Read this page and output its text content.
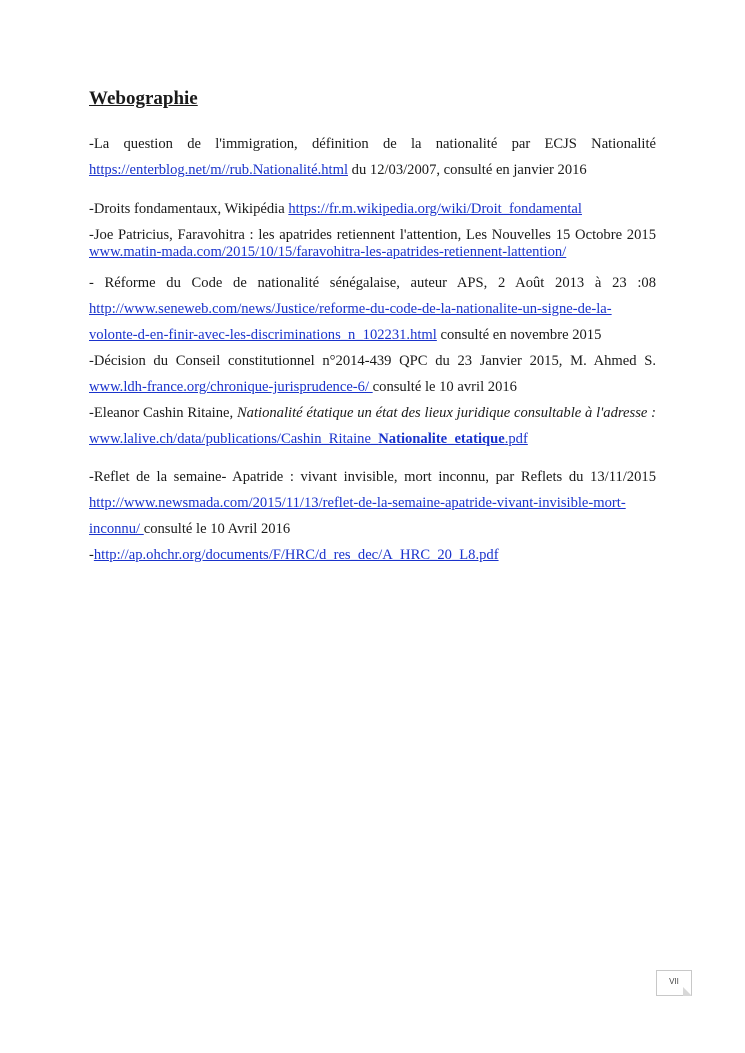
Webographie

-La question de l'immigration, définition de la nationalité par ECJS Nationalité https://enterblog.net/m//rub.Nationalité.html du 12/03/2007, consulté en janvier 2016

-Droits fondamentaux, Wikipédia https://fr.m.wikipedia.org/wiki/Droit_fondamental

-Joe Patricius, Faravohitra : les apatrides retiennent l'attention, Les Nouvelles 15 Octobre 2015 www.matin-mada.com/2015/10/15/faravohitra-les-apatrides-retiennent-lattention/

- Réforme du Code de nationalité sénégalaise, auteur APS, 2 Août 2013 à 23 :08 http://www.seneweb.com/news/Justice/reforme-du-code-de-la-nationalite-un-signe-de-la-volonte-d-en-finir-avec-les-discriminations_n_102231.html consulté en novembre 2015

-Décision du Conseil constitutionnel n°2014-439 QPC du 23 Janvier 2015, M. Ahmed S. www.ldh-france.org/chronique-jurisprudence-6/ consulté le 10 avril 2016

-Eleanor Cashin Ritaine, Nationalité étatique un état des lieux juridique consultable à l'adresse : www.lalive.ch/data/publications/Cashin_Ritaine_Nationalite_etatique.pdf

-Reflet de la semaine- Apatride : vivant invisible, mort inconnu, par Reflets du 13/11/2015 http://www.newsmada.com/2015/11/13/reflet-de-la-semaine-apatride-vivant-invisible-mort-inconnu/ consulté le 10 Avril 2016

-http://ap.ohchr.org/documents/F/HRC/d_res_dec/A_HRC_20_L8.pdf

VII
